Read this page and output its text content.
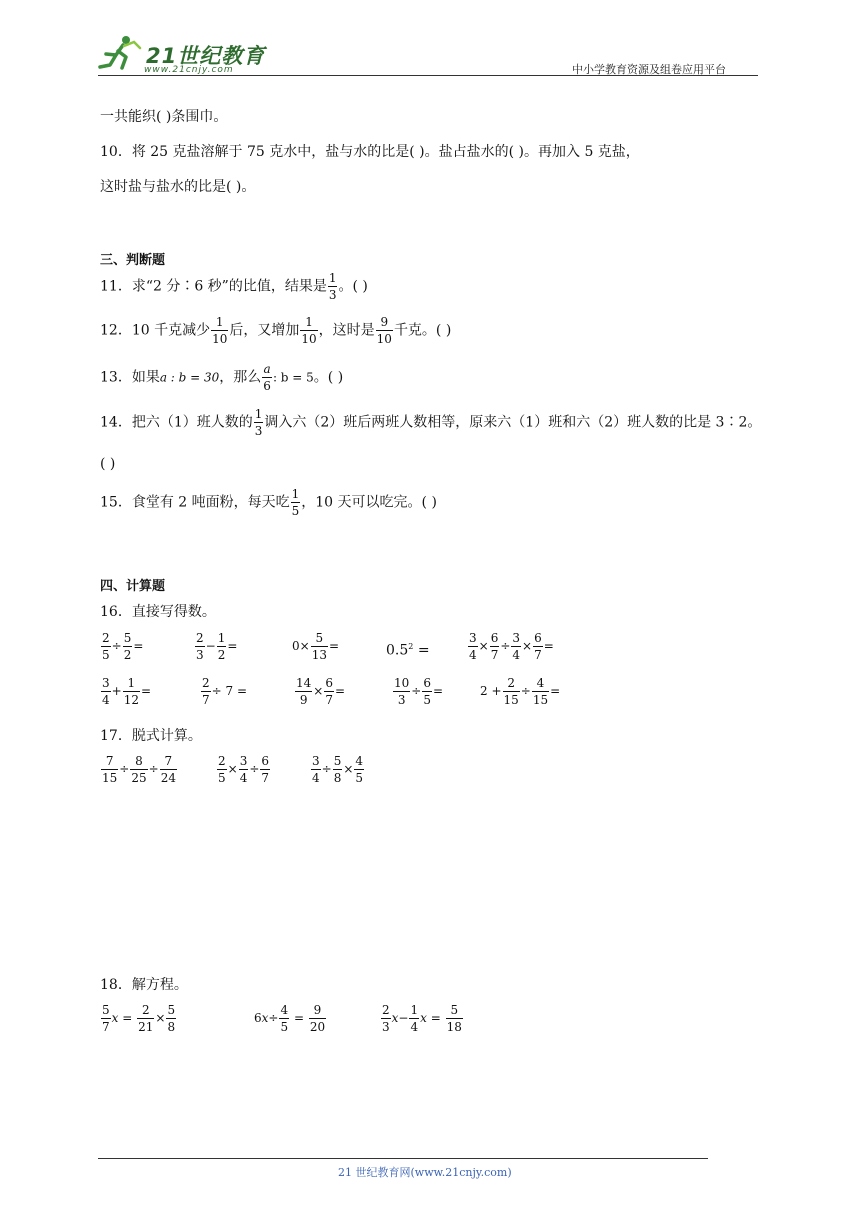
21世纪教育
www.21cnjy.com	中小学教育资源及组卷应用平台
一共能织( )条围巾。
10．将 25 克盐溶解于 75 克水中，盐与水的比是( )。盐占盐水的( )。再加入 5 克盐，
这时盐与盐水的比是( )。
三、判断题
11．求“2 分∶6 秒”的比值，结果是 $\frac{1}{3}$ 。( )
12．10 千克减少 $\frac{1}{10}$ 后，又增加 $\frac{1}{10}$ ，这时是 $\frac{9}{10}$ 千克。( )
13．如果a : b = 30，那么 $\frac{a}{6}$ : b = 5。( )
14．把六（1）班人数的 $\frac{1}{3}$ 调入六（2）班后两班人数相等，原来六（1）班和六（2）班人数的比是 3∶2。
( )
15．食堂有 2 吨面粉，每天吃 $\frac{1}{5}$ ，10 天可以吃完。( )
四、计算题
16．直接写得数。
$\frac{2}{5} \div \frac{5}{2}$ =	$\frac{2}{3} - \frac{1}{2}$ =	$0\times \frac{5}{13}$ =	$0.5^2$ =	$\frac{3}{4} \times \frac{6}{7} \div \frac{3}{4} \times \frac{6}{7}$ =
$\frac{3}{4} + \frac{1}{12}$ =	$\frac{2}{7} \div 7$ =	$\frac{14}{9} \times \frac{6}{7}$ =	$\frac{10}{3} \div \frac{6}{5}$ =	$2 + \frac{2}{15} \div \frac{4}{15}$ =
17．脱式计算。
$\frac{7}{15} \div \frac{8}{25} \div \frac{7}{24}$	$\frac{2}{5} \times \frac{3}{4} \div \frac{6}{7}$	$\frac{3}{4} \div \frac{5}{8} \times \frac{4}{5}$
18．解方程。
$\frac{5}{7}$ $x = \frac{2}{21} \times \frac{5}{8}$	$6x\div \frac{4}{5} = \frac{9}{20}$	$\frac{2}{3} x- \frac{1}{4}$ $x = \frac{5}{18}$
21 世纪教育网(www.21cnjy.com)
